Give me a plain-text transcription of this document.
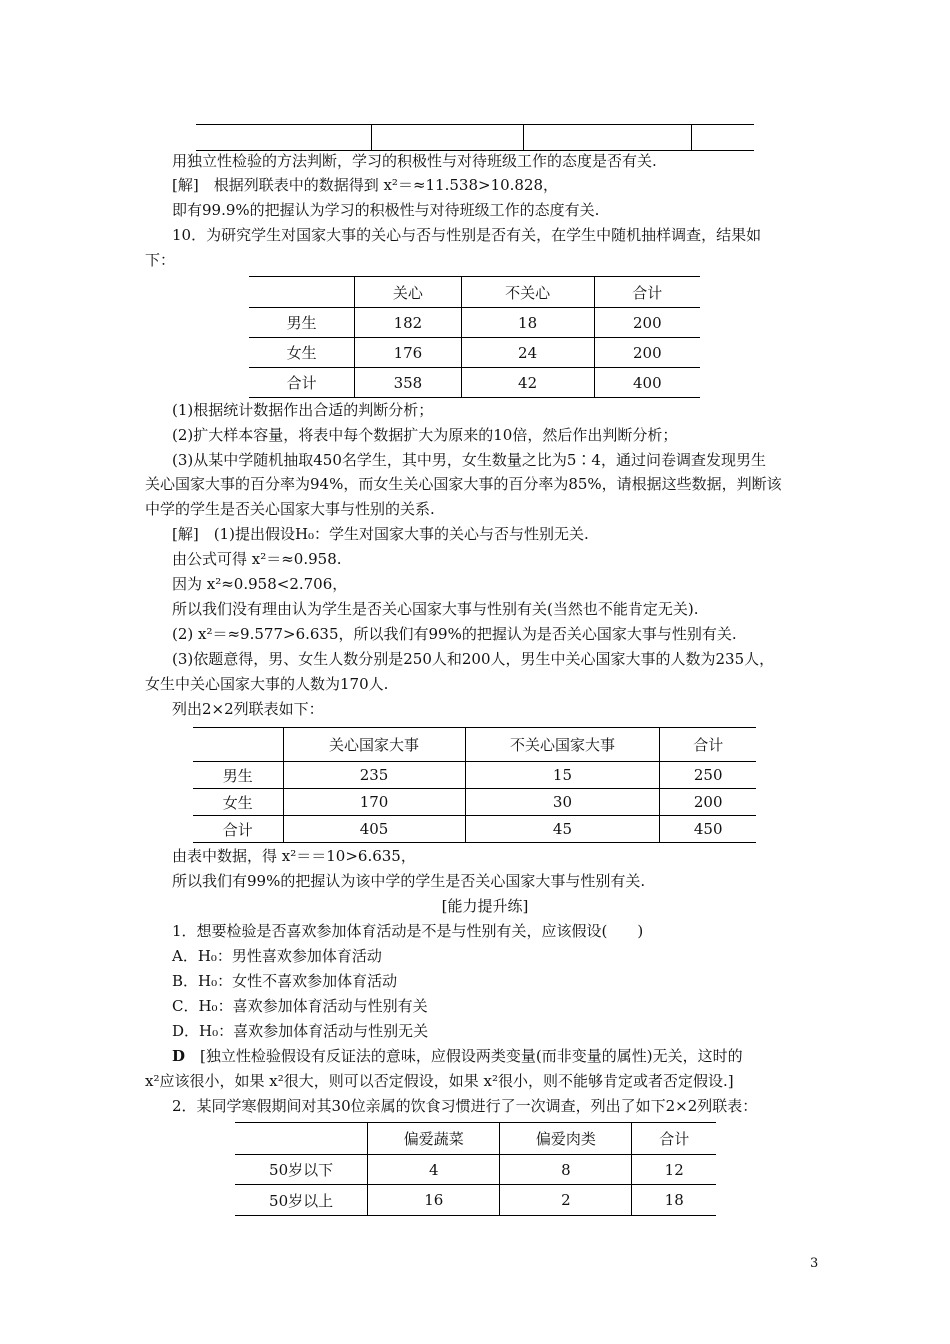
用独立性检验的方法判断，学习的积极性与对待班级工作的态度是否有关.
[解]　根据列联表中的数据得到 x²＝≈11.538>10.828，
即有99.9%的把握认为学习的积极性与对待班级工作的态度有关.
10．为研究学生对国家大事的关心与否与性别是否有关，在学生中随机抽样调查，结果如
下：
	关心	不关心	合计
男生	182	18	200
女生	176	24	200
合计	358	42	400
(1)根据统计数据作出合适的判断分析；
(2)扩大样本容量，将表中每个数据扩大为原来的10倍，然后作出判断分析；
(3)从某中学随机抽取450名学生，其中男，女生数量之比为5∶4，通过问卷调查发现男生
关心国家大事的百分率为94%，而女生关心国家大事的百分率为85%，请根据这些数据，判断该
中学的学生是否关心国家大事与性别的关系.
[解]　(1)提出假设H₀：学生对国家大事的关心与否与性别无关.
由公式可得 x²＝≈0.958.
因为 x²≈0.958<2.706，
所以我们没有理由认为学生是否关心国家大事与性别有关(当然也不能肯定无关).
(2) x²＝≈9.577>6.635，所以我们有99%的把握认为是否关心国家大事与性别有关.
(3)依题意得，男、女生人数分别是250人和200人，男生中关心国家大事的人数为235人，
女生中关心国家大事的人数为170人.
列出2×2列联表如下：
	关心国家大事	不关心国家大事	合计
男生	235	15	250
女生	170	30	200
合计	405	45	450
由表中数据，得 x²＝＝10>6.635，
所以我们有99%的把握认为该中学的学生是否关心国家大事与性别有关.
[能力提升练]
1．想要检验是否喜欢参加体育活动是不是与性别有关，应该假设(　　)
A．H₀：男性喜欢参加体育活动
B．H₀：女性不喜欢参加体育活动
C．H₀：喜欢参加体育活动与性别有关
D．H₀：喜欢参加体育活动与性别无关
D　[独立性检验假设有反证法的意味，应假设两类变量(而非变量的属性)无关，这时的
x²应该很小，如果 x²很大，则可以否定假设，如果 x²很小，则不能够肯定或者否定假设.]
2．某同学寒假期间对其30位亲属的饮食习惯进行了一次调查，列出了如下2×2列联表：
	偏爱蔬菜	偏爱肉类	合计
50岁以下	4	8	12
50岁以上	16	2	18
3
